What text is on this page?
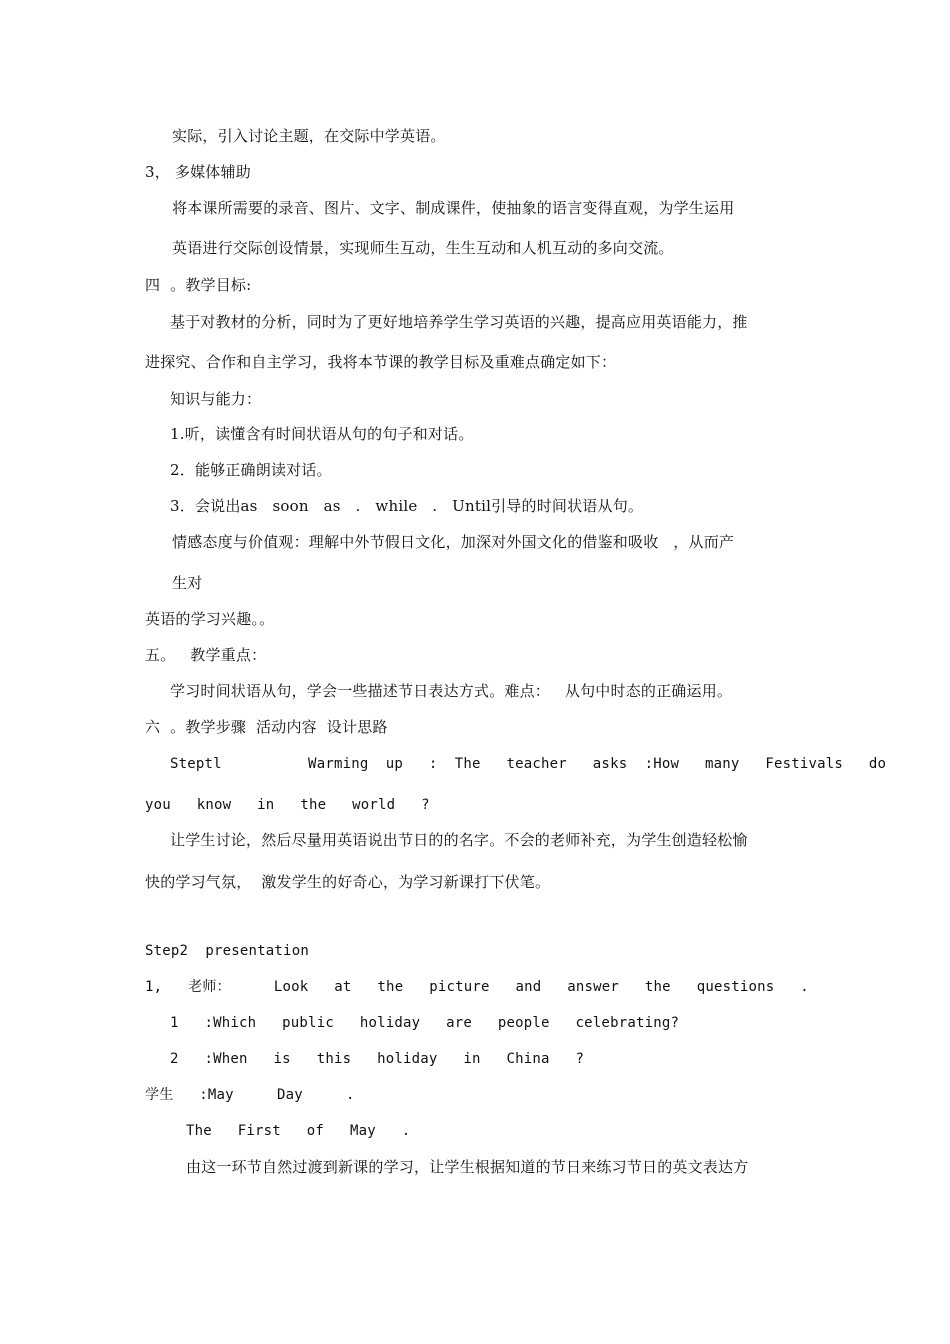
实际，引入讨论主题，在交际中学英语。
3， 多媒体辅助
将本课所需要的录音、图片、文字、制成课件，使抽象的语言变得直观，为学生运用
英语进行交际创设情景，实现师生互动，生生互动和人机互动的多向交流。
四  。教学目标:
基于对教材的分析，同时为了更好地培养学生学习英语的兴趣，提高应用英语能力，推
进探究、合作和自主学习，我将本节课的教学目标及重难点确定如下：
知识与能力：
1.听，读懂含有时间状语从句的句子和对话。
2．能够正确朗读对话。
3．会说出as   soon   as   .   while   .   Until引导的时间状语从句。
情感态度与价值观：理解中外节假日文化，加深对外国文化的借鉴和吸收   ，从而产
生对
英语的学习兴趣。。
五。   教学重点：
学习时间状语从句，学会一些描述节日表达方式。难点：   从句中时态的正确运用。
六  。教学步骤  活动内容  设计思路
Steptl          Warming  up   :  The   teacher   asks  :How   many   Festivals   do
you   know   in   the   world   ?
让学生讨论，然后尽量用英语说出节日的的名字。不会的老师补充，为学生创造轻松愉
快的学习气氛，  激发学生的好奇心，为学习新课打下伏笔。
Step2  presentation
1,   老师：     Look   at   the   picture   and   answer   the   questions   .
1   :Which   public   holiday   are   people   celebrating?
2   :When   is   this   holiday   in   China   ?
学生   :May     Day     .
The   First   of   May   .
由这一环节自然过渡到新课的学习，让学生根据知道的节日来练习节日的英文表达方
